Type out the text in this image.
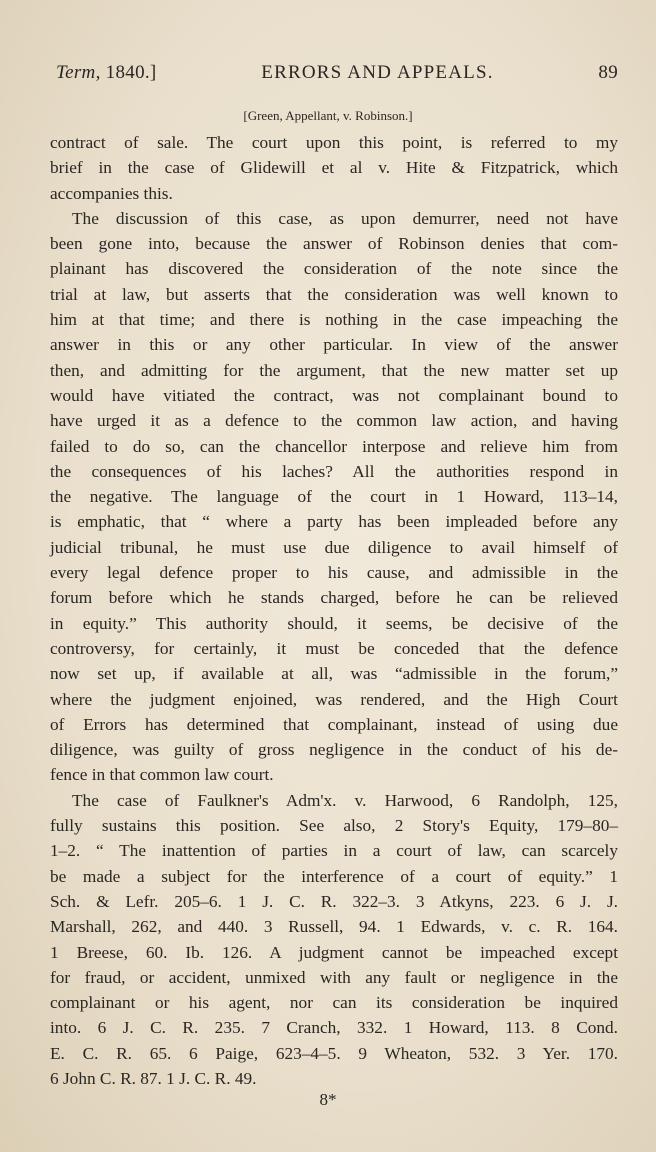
Term, 1840.]	ERRORS AND APPEALS.	89
[Green, Appellant, v. Robinson.]
contract of sale. The court upon this point, is referred to my
brief in the case of Glidewill et al v. Hite & Fitzpatrick, which
accompanies this.
The discussion of this case, as upon demurrer, need not have
been gone into, because the answer of Robinson denies that com-
plainant has discovered the consideration of the note since the
trial at law, but asserts that the consideration was well known to
him at that time; and there is nothing in the case impeaching the
answer in this or any other particular. In view of the answer
then, and admitting for the argument, that the new matter set up
would have vitiated the contract, was not complainant bound to
have urged it as a defence to the common law action, and having
failed to do so, can the chancellor interpose and relieve him from
the consequences of his laches? All the authorities respond in
the negative. The language of the court in 1 Howard, 113–14,
is emphatic, that “ where a party has been impleaded before any
judicial tribunal, he must use due diligence to avail himself of
every legal defence proper to his cause, and admissible in the
forum before which he stands charged, before he can be relieved
in equity.” This authority should, it seems, be decisive of the
controversy, for certainly, it must be conceded that the defence
now set up, if available at all, was “admissible in the forum,”
where the judgment enjoined, was rendered, and the High Court
of Errors has determined that complainant, instead of using due
diligence, was guilty of gross negligence in the conduct of his de-
fence in that common law court.
The case of Faulkner's Adm'x. v. Harwood, 6 Randolph, 125,
fully sustains this position. See also, 2 Story's Equity, 179–80–
1–2. “ The inattention of parties in a court of law, can scarcely
be made a subject for the interference of a court of equity.” 1
Sch. & Lefr. 205–6. 1 J. C. R. 322–3. 3 Atkyns, 223. 6 J. J.
Marshall, 262, and 440. 3 Russell, 94. 1 Edwards, v. c. R. 164.
1 Breese, 60. Ib. 126. A judgment cannot be impeached except
for fraud, or accident, unmixed with any fault or negligence in the
complainant or his agent, nor can its consideration be inquired
into. 6 J. C. R. 235. 7 Cranch, 332. 1 Howard, 113. 8 Cond.
E. C. R. 65. 6 Paige, 623–4–5. 9 Wheaton, 532. 3 Yer. 170.
6 John C. R. 87. 1 J. C. R. 49.
8*
